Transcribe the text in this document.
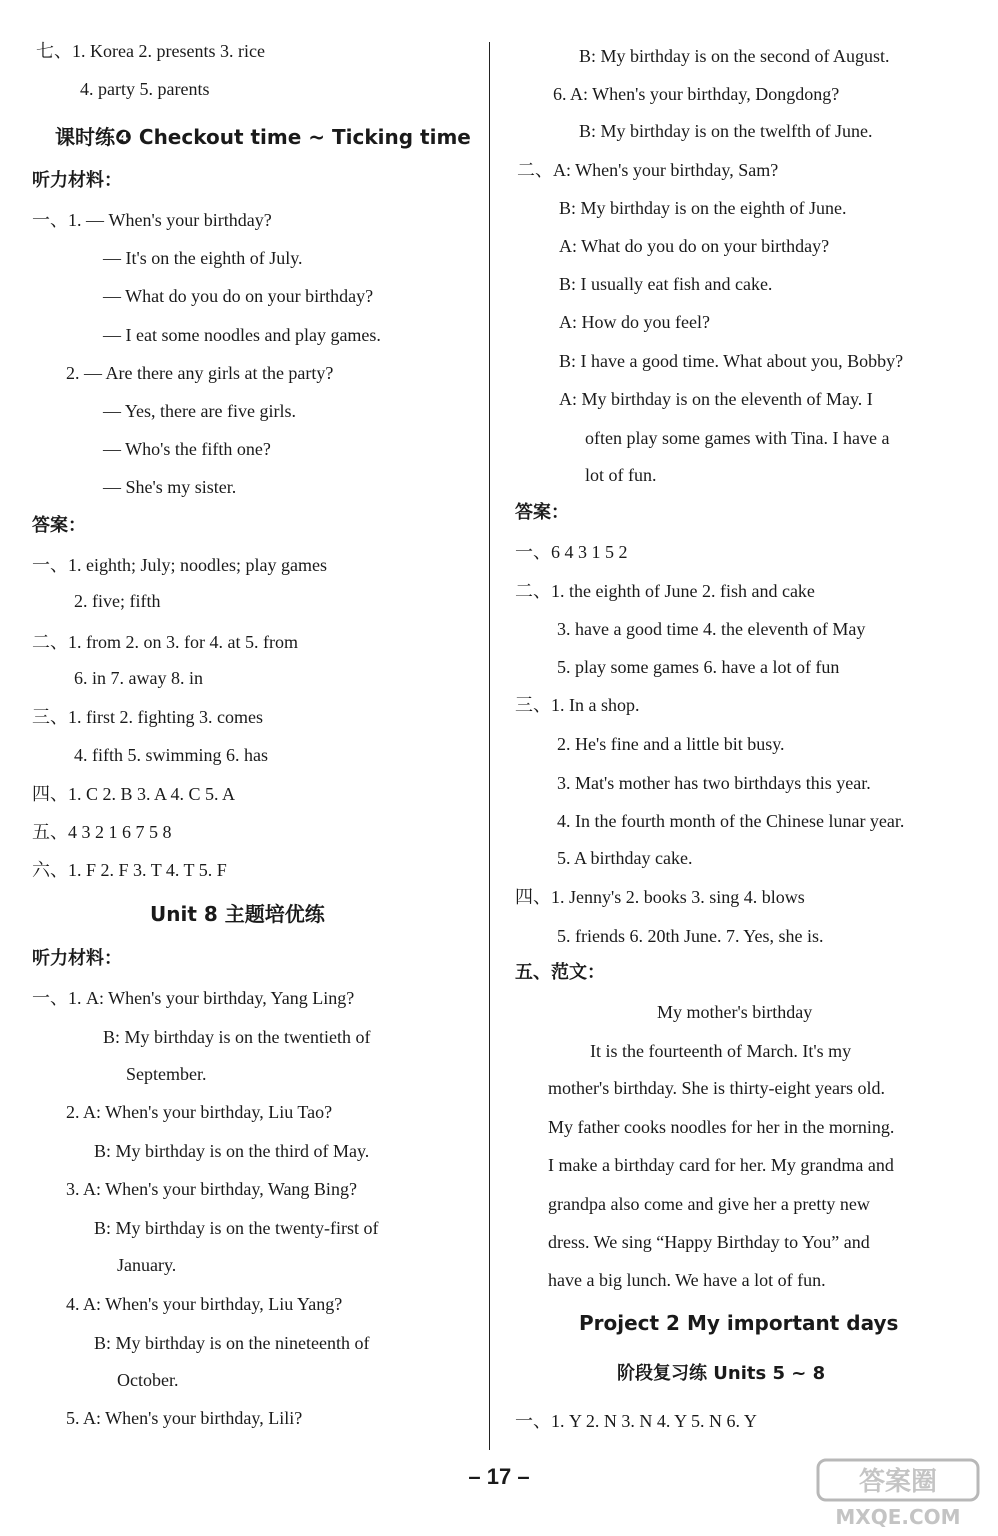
七、1. Korea 2. presents 3. rice
4. party 5. parents
课时练❹ Checkout time ~ Ticking time
听力材料：
一、1. — When's your birthday?
— It's on the eighth of July.
— What do you do on your birthday?
— I eat some noodles and play games.
2. — Are there any girls at the party?
— Yes, there are five girls.
— Who's the fifth one?
— She's my sister.
答案：
一、1. eighth; July; noodles; play games
2. five; fifth
二、1. from 2. on 3. for 4. at 5. from
6. in 7. away 8. in
三、1. first 2. fighting 3. comes
4. fifth 5. swimming 6. has
四、1. C 2. B 3. A 4. C 5. A
五、4 3 2 1 6 7 5 8
六、1. F 2. F 3. T 4. T 5. F
Unit 8 主题培优练
听力材料：
一、1. A: When's your birthday, Yang Ling?
B: My birthday is on the twentieth of
September.
2. A: When's your birthday, Liu Tao?
B: My birthday is on the third of May.
3. A: When's your birthday, Wang Bing?
B: My birthday is on the twenty-first of
January.
4. A: When's your birthday, Liu Yang?
B: My birthday is on the nineteenth of
October.
5. A: When's your birthday, Lili?
B: My birthday is on the second of August.
6. A: When's your birthday, Dongdong?
B: My birthday is on the twelfth of June.
二、A: When's your birthday, Sam?
B: My birthday is on the eighth of June.
A: What do you do on your birthday?
B: I usually eat fish and cake.
A: How do you feel?
B: I have a good time. What about you, Bobby?
A: My birthday is on the eleventh of May. I
often play some games with Tina. I have a
lot of fun.
答案：
一、6 4 3 1 5 2
二、1. the eighth of June 2. fish and cake
3. have a good time 4. the eleventh of May
5. play some games 6. have a lot of fun
三、1. In a shop.
2. He's fine and a little bit busy.
3. Mat's mother has two birthdays this year.
4. In the fourth month of the Chinese lunar year.
5. A birthday cake.
四、1. Jenny's 2. books 3. sing 4. blows
5. friends 6. 20th June. 7. Yes, she is.
五、范文：
My mother's birthday
It is the fourteenth of March. It's my
mother's birthday. She is thirty-eight years old.
My father cooks noodles for her in the morning.
I make a birthday card for her. My grandma and
grandpa also come and give her a pretty new
dress. We sing “Happy Birthday to You” and
have a big lunch. We have a lot of fun.
Project 2 My important days
阶段复习练 Units 5 ~ 8
一、1. Y 2. N 3. N 4. Y 5. N 6. Y
– 17 –	答案圈
MXQE.COM
